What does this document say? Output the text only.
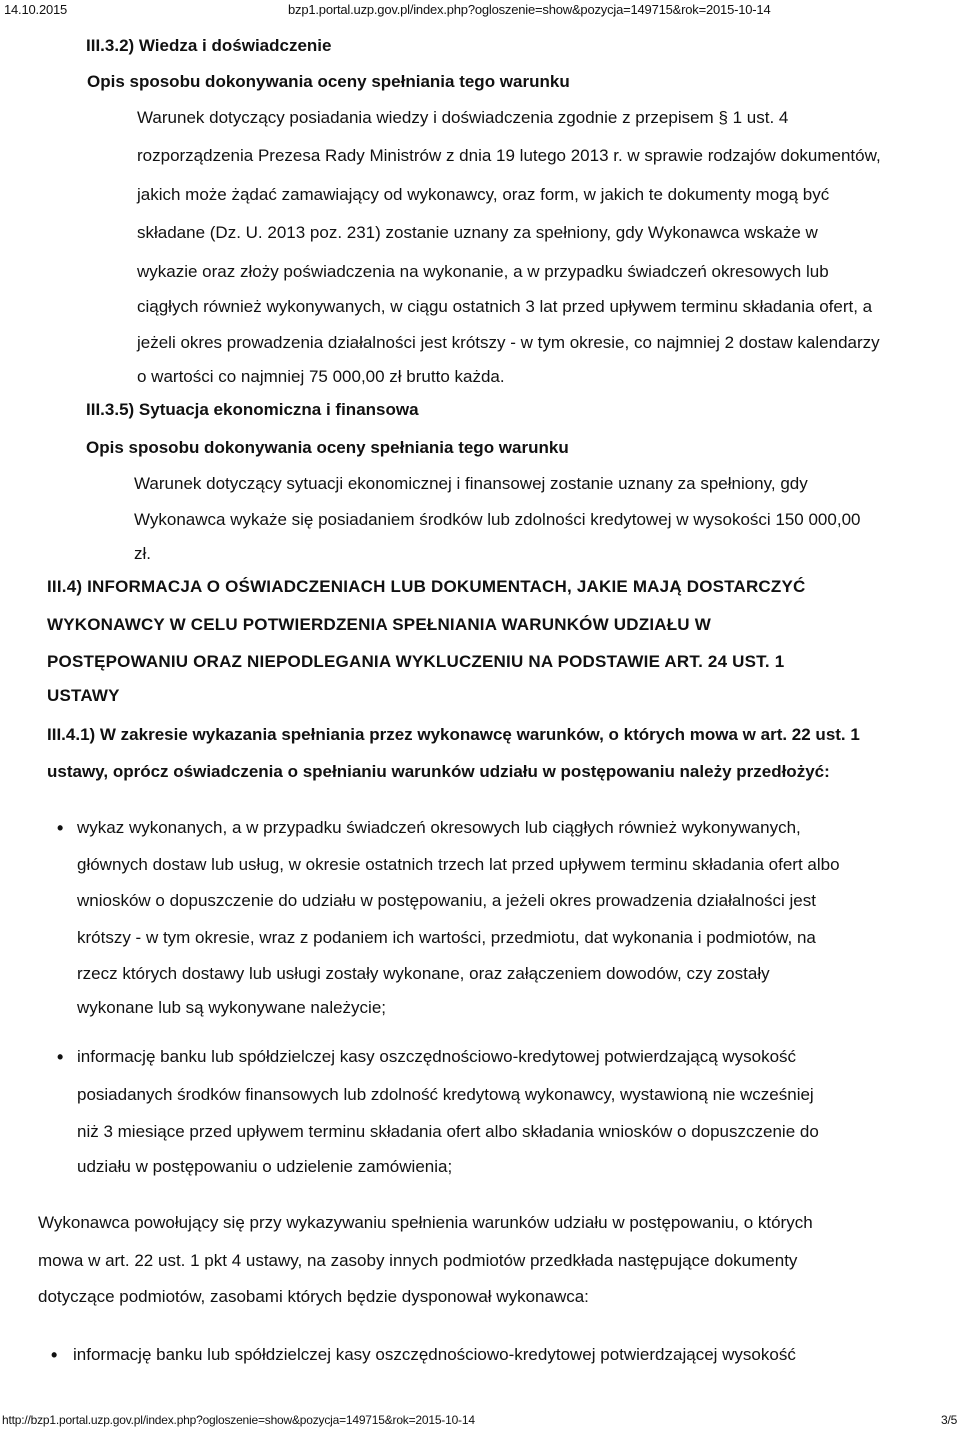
14.10.2015	bzp1.portal.uzp.gov.pl/index.php?ogloszenie=show&pozycja=149715&rok=2015-10-14
III.3.2) Wiedza i doświadczenie
Opis sposobu dokonywania oceny spełniania tego warunku
Warunek dotyczący posiadania wiedzy i doświadczenia zgodnie z przepisem § 1 ust. 4
rozporządzenia Prezesa Rady Ministrów z dnia 19 lutego 2013 r. w sprawie rodzajów dokumentów,
jakich może żądać zamawiający od wykonawcy, oraz form, w jakich te dokumenty mogą być
składane (Dz. U. 2013 poz. 231) zostanie uznany za spełniony, gdy Wykonawca wskaże w
wykazie oraz złoży poświadczenia na wykonanie, a w przypadku świadczeń okresowych lub
ciągłych również wykonywanych, w ciągu ostatnich 3 lat przed upływem terminu składania ofert, a
jeżeli okres prowadzenia działalności jest krótszy - w tym okresie, co najmniej 2 dostaw kalendarzy
o wartości co najmniej 75 000,00 zł brutto każda.
III.3.5) Sytuacja ekonomiczna i finansowa
Opis sposobu dokonywania oceny spełniania tego warunku
Warunek dotyczący sytuacji ekonomicznej i finansowej zostanie uznany za spełniony, gdy
Wykonawca wykaże się posiadaniem środków lub zdolności kredytowej w wysokości 150 000,00
zł.
III.4) INFORMACJA O OŚWIADCZENIACH LUB DOKUMENTACH, JAKIE MAJĄ DOSTARCZYĆ
WYKONAWCY W CELU POTWIERDZENIA SPEŁNIANIA WARUNKÓW UDZIAŁU W
POSTĘPOWANIU ORAZ NIEPODLEGANIA WYKLUCZENIU NA PODSTAWIE ART. 24 UST. 1
USTAWY
III.4.1) W zakresie wykazania spełniania przez wykonawcę warunków, o których mowa w art. 22 ust. 1
ustawy, oprócz oświadczenia o spełnianiu warunków udziału w postępowaniu należy przedłożyć:
• wykaz wykonanych, a w przypadku świadczeń okresowych lub ciągłych również wykonywanych,
głównych dostaw lub usług, w okresie ostatnich trzech lat przed upływem terminu składania ofert albo
wniosków o dopuszczenie do udziału w postępowaniu, a jeżeli okres prowadzenia działalności jest
krótszy - w tym okresie, wraz z podaniem ich wartości, przedmiotu, dat wykonania i podmiotów, na
rzecz których dostawy lub usługi zostały wykonane, oraz załączeniem dowodów, czy zostały
wykonane lub są wykonywane należycie;
• informację banku lub spółdzielczej kasy oszczędnościowo-kredytowej potwierdzającą wysokość
posiadanych środków finansowych lub zdolność kredytową wykonawcy, wystawioną nie wcześniej
niż 3 miesiące przed upływem terminu składania ofert albo składania wniosków o dopuszczenie do
udziału w postępowaniu o udzielenie zamówienia;
Wykonawca powołujący się przy wykazywaniu spełnienia warunków udziału w postępowaniu, o których
mowa w art. 22 ust. 1 pkt 4 ustawy, na zasoby innych podmiotów przedkłada następujące dokumenty
dotyczące podmiotów, zasobami których będzie dysponował wykonawca:
• informację banku lub spółdzielczej kasy oszczędnościowo-kredytowej potwierdzającej wysokość
http://bzp1.portal.uzp.gov.pl/index.php?ogloszenie=show&pozycja=149715&rok=2015-10-14	3/5
